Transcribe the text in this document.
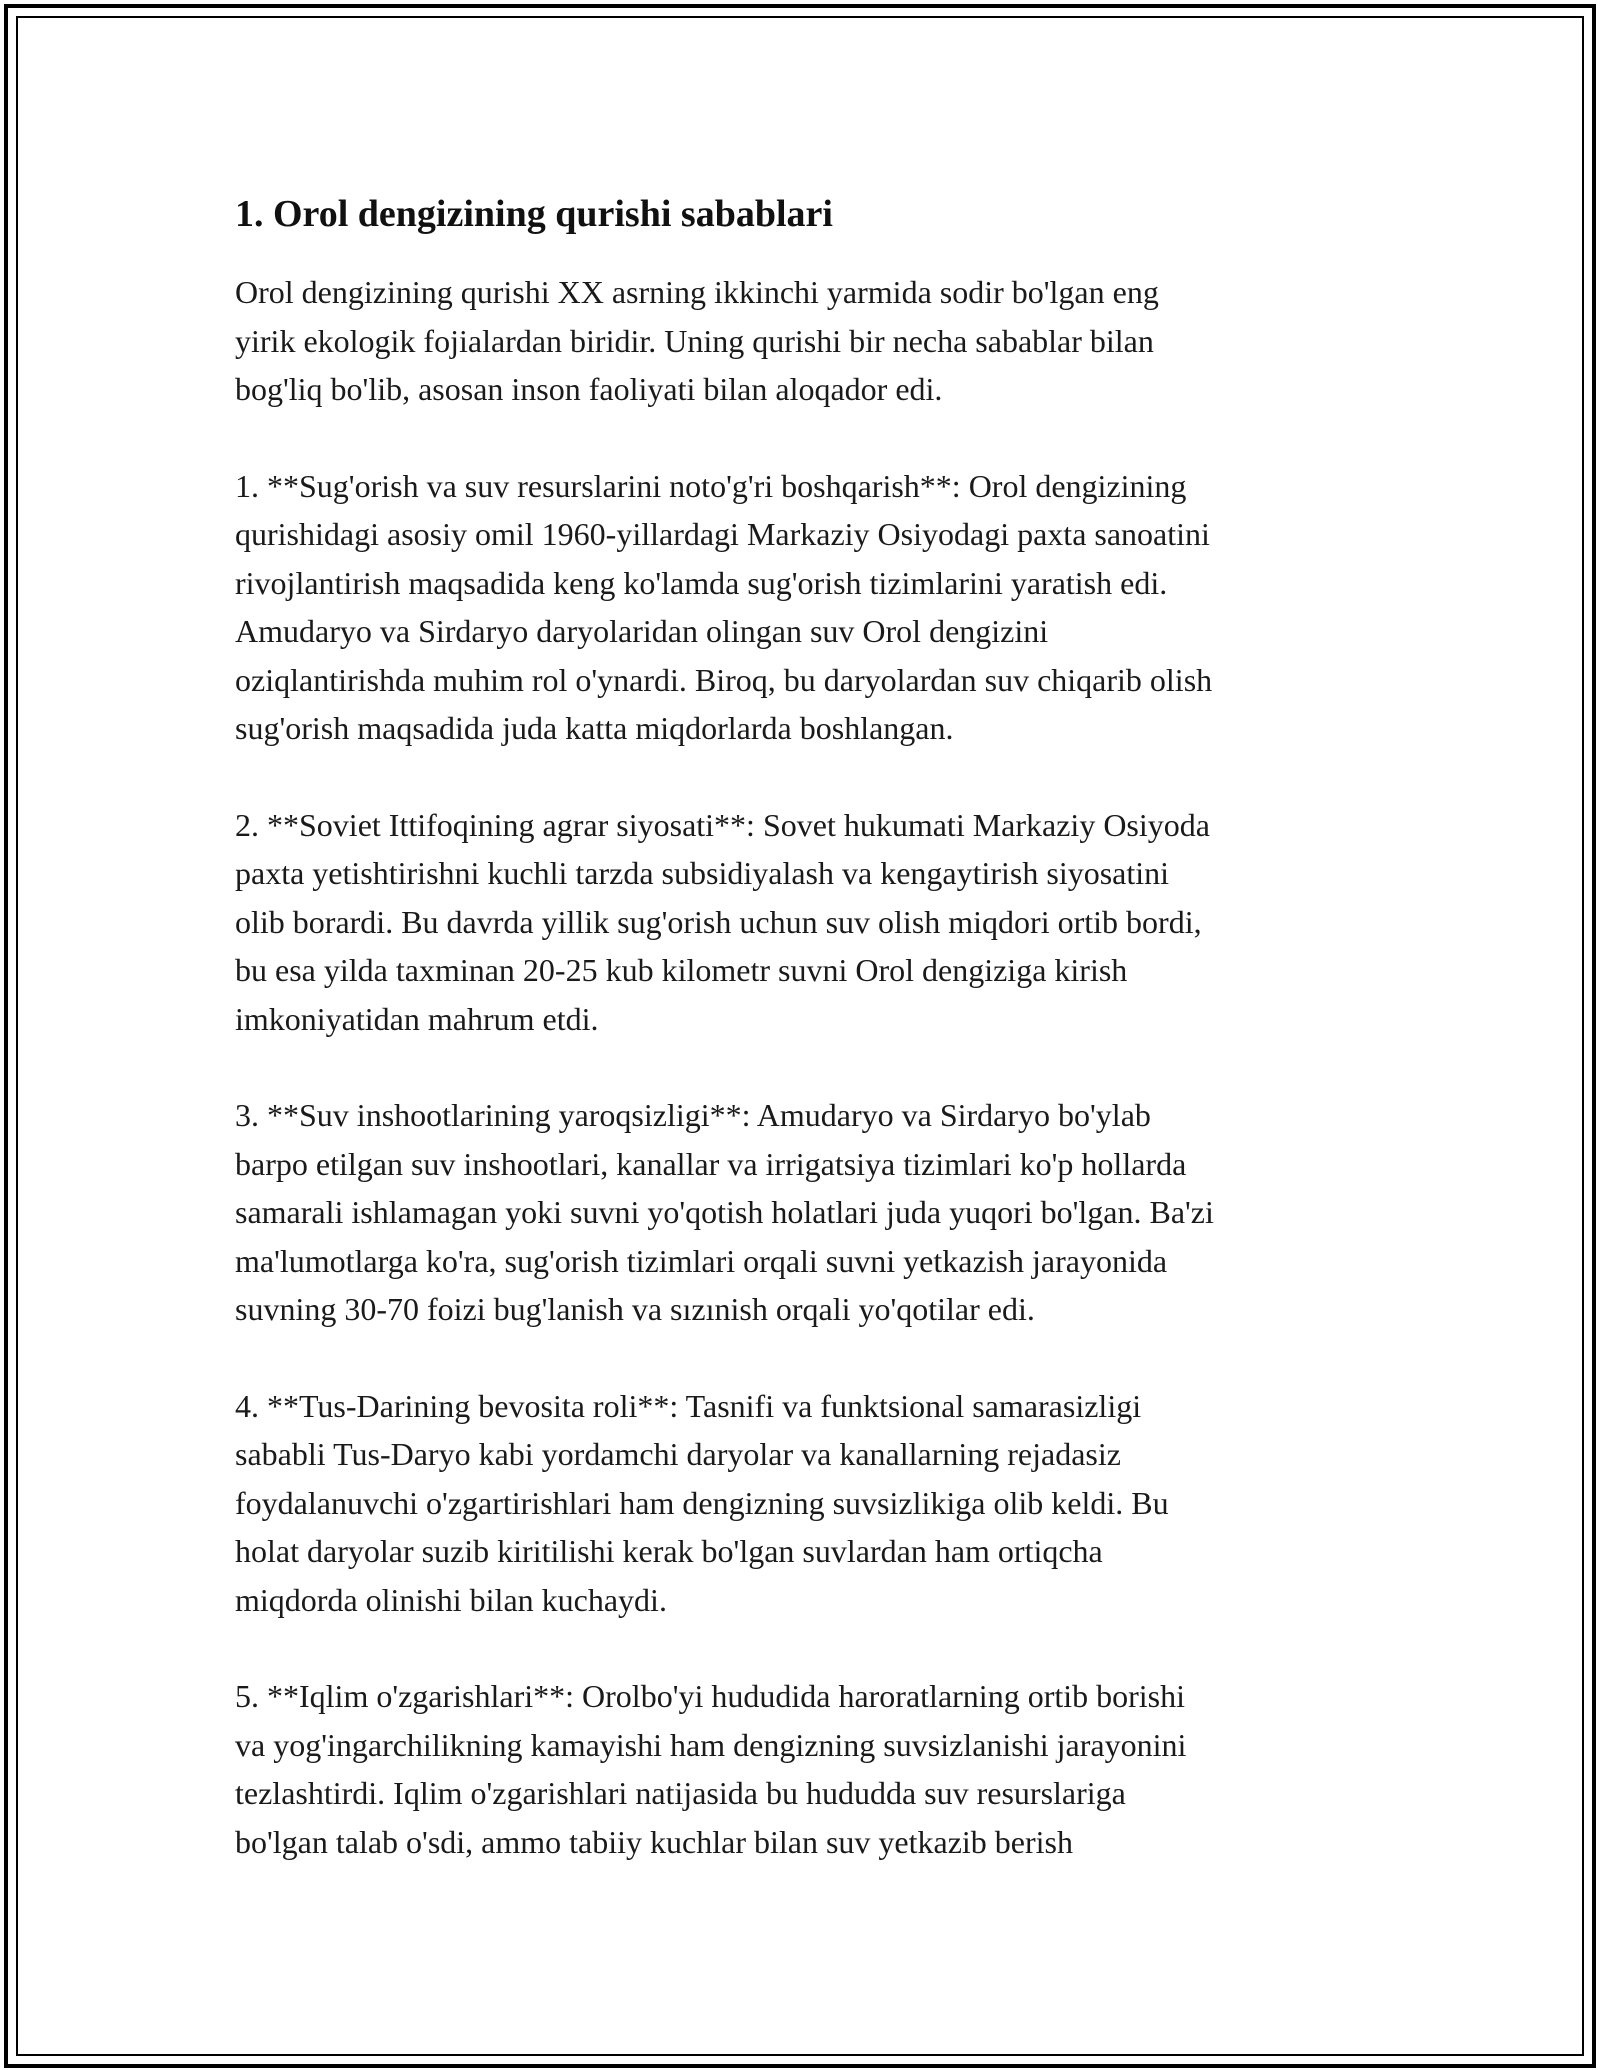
1. Orol dengizining qurishi sabablari

Orol dengizining qurishi XX asrning ikkinchi yarmida sodir bo'lgan eng
yirik ekologik fojialardan biridir. Uning qurishi bir necha sabablar bilan
bog'liq bo'lib, asosan inson faoliyati bilan aloqador edi.

1. **Sug'orish va suv resurslarini noto'g'ri boshqarish**: Orol dengizining
qurishidagi asosiy omil 1960-yillardagi Markaziy Osiyodagi paxta sanoatini
rivojlantirish maqsadida keng ko'lamda sug'orish tizimlarini yaratish edi.
Amudaryo va Sirdaryo daryolaridan olingan suv Orol dengizini
oziqlantirishda muhim rol o'ynardi. Biroq, bu daryolardan suv chiqarib olish
sug'orish maqsadida juda katta miqdorlarda boshlangan.

2. **Soviet Ittifoqining agrar siyosati**: Sovet hukumati Markaziy Osiyoda
paxta yetishtirishni kuchli tarzda subsidiyalash va kengaytirish siyosatini
olib borardi. Bu davrda yillik sug'orish uchun suv olish miqdori ortib bordi,
bu esa yilda taxminan 20-25 kub kilometr suvni Orol dengiziga kirish
imkoniyatidan mahrum etdi.

3. **Suv inshootlarining yaroqsizligi**: Amudaryo va Sirdaryo bo'ylab
barpo etilgan suv inshootlari, kanallar va irrigatsiya tizimlari ko'p hollarda
samarali ishlamagan yoki suvni yo'qotish holatlari juda yuqori bo'lgan. Ba'zi
ma'lumotlarga ko'ra, sug'orish tizimlari orqali suvni yetkazish jarayonida
suvning 30-70 foizi bug'lanish va sızınish orqali yo'qotilar edi.

4. **Tus-Darining bevosita roli**: Tasnifi va funktsional samarasizligi
sababli Tus-Daryo kabi yordamchi daryolar va kanallarning rejadasiz
foydalanuvchi o'zgartirishlari ham dengizning suvsizlikiga olib keldi. Bu
holat daryolar suzib kiritilishi kerak bo'lgan suvlardan ham ortiqcha
miqdorda olinishi bilan kuchaydi.

5. **Iqlim o'zgarishlari**: Orolbo'yi hududida haroratlarning ortib borishi
va yog'ingarchilikning kamayishi ham dengizning suvsizlanishi jarayonini
tezlashtirdi. Iqlim o'zgarishlari natijasida bu hududda suv resurslariga
bo'lgan talab o'sdi, ammo tabiiy kuchlar bilan suv yetkazib berish
